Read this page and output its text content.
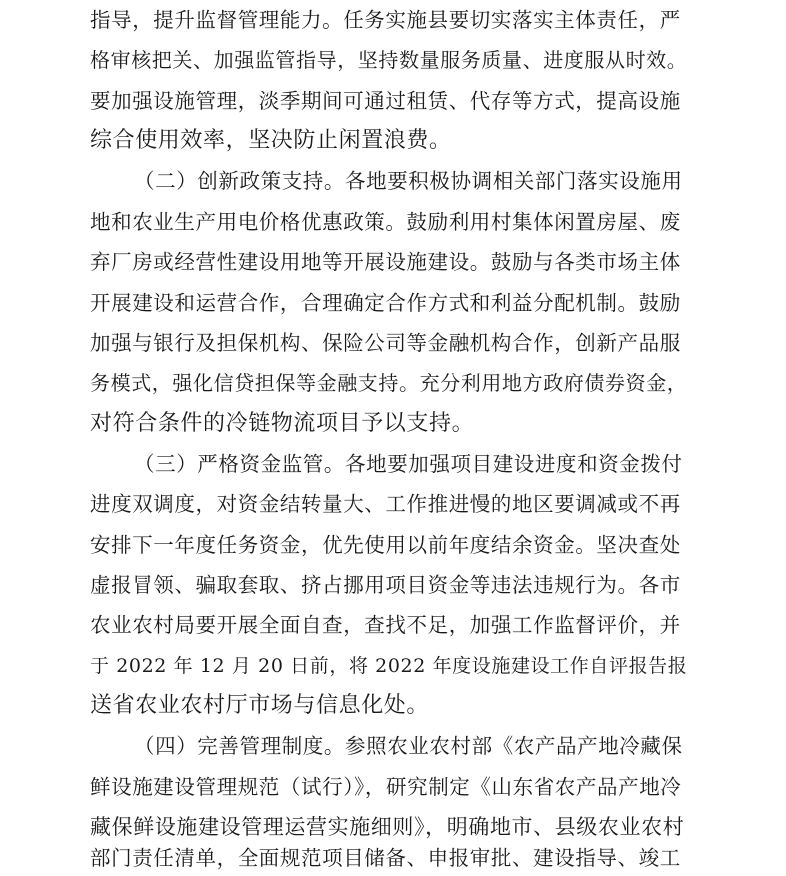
指导，提升监督管理能力。任务实施县要切实落实主体责任，严
格审核把关、加强监管指导，坚持数量服务质量、进度服从时效。
要加强设施管理，淡季期间可通过租赁、代存等方式，提高设施
综合使用效率，坚决防止闲置浪费。
（二）创新政策支持。各地要积极协调相关部门落实设施用
地和农业生产用电价格优惠政策。鼓励利用村集体闲置房屋、废
弃厂房或经营性建设用地等开展设施建设。鼓励与各类市场主体
开展建设和运营合作，合理确定合作方式和利益分配机制。鼓励
加强与银行及担保机构、保险公司等金融机构合作，创新产品服
务模式，强化信贷担保等金融支持。充分利用地方政府债券资金，
对符合条件的冷链物流项目予以支持。
（三）严格资金监管。各地要加强项目建设进度和资金拨付
进度双调度，对资金结转量大、工作推进慢的地区要调减或不再
安排下一年度任务资金，优先使用以前年度结余资金。坚决查处
虚报冒领、骗取套取、挤占挪用项目资金等违法违规行为。各市
农业农村局要开展全面自查，查找不足，加强工作监督评价，并
于 2022 年 12 月 20 日前，将 2022 年度设施建设工作自评报告报
送省农业农村厅市场与信息化处。
（四）完善管理制度。参照农业农村部《农产品产地冷藏保
鲜设施建设管理规范（试行）》，研究制定《山东省农产品产地冷
藏保鲜设施建设管理运营实施细则》，明确地市、县级农业农村
部门责任清单，全面规范项目储备、申报审批、建设指导、竣工
